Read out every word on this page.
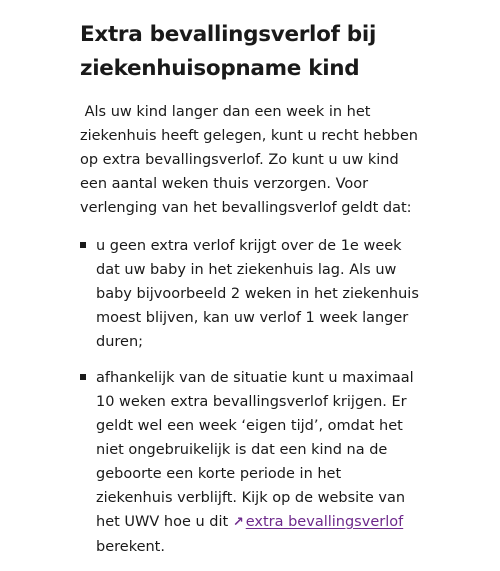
Extra bevallingsverlof bij ziekenhuisopname kind

Als uw kind langer dan een week in het ziekenhuis heeft gelegen, kunt u recht hebben op extra bevallingsverlof. Zo kunt u uw kind een aantal weken thuis verzorgen. Voor verlenging van het bevallingsverlof geldt dat:

u geen extra verlof krijgt over de 1e week dat uw baby in het ziekenhuis lag. Als uw baby bijvoorbeeld 2 weken in het ziekenhuis moest blijven, kan uw verlof 1 week langer duren;
afhankelijk van de situatie kunt u maximaal 10 weken extra bevallingsverlof krijgen. Er geldt wel een week ‘eigen tijd’, omdat het niet ongebruikelijk is dat een kind na de geboorte een korte periode in het ziekenhuis verblijft. Kijk op de website van het UWV hoe u dit ↗ extra bevallingsverlof berekent.
